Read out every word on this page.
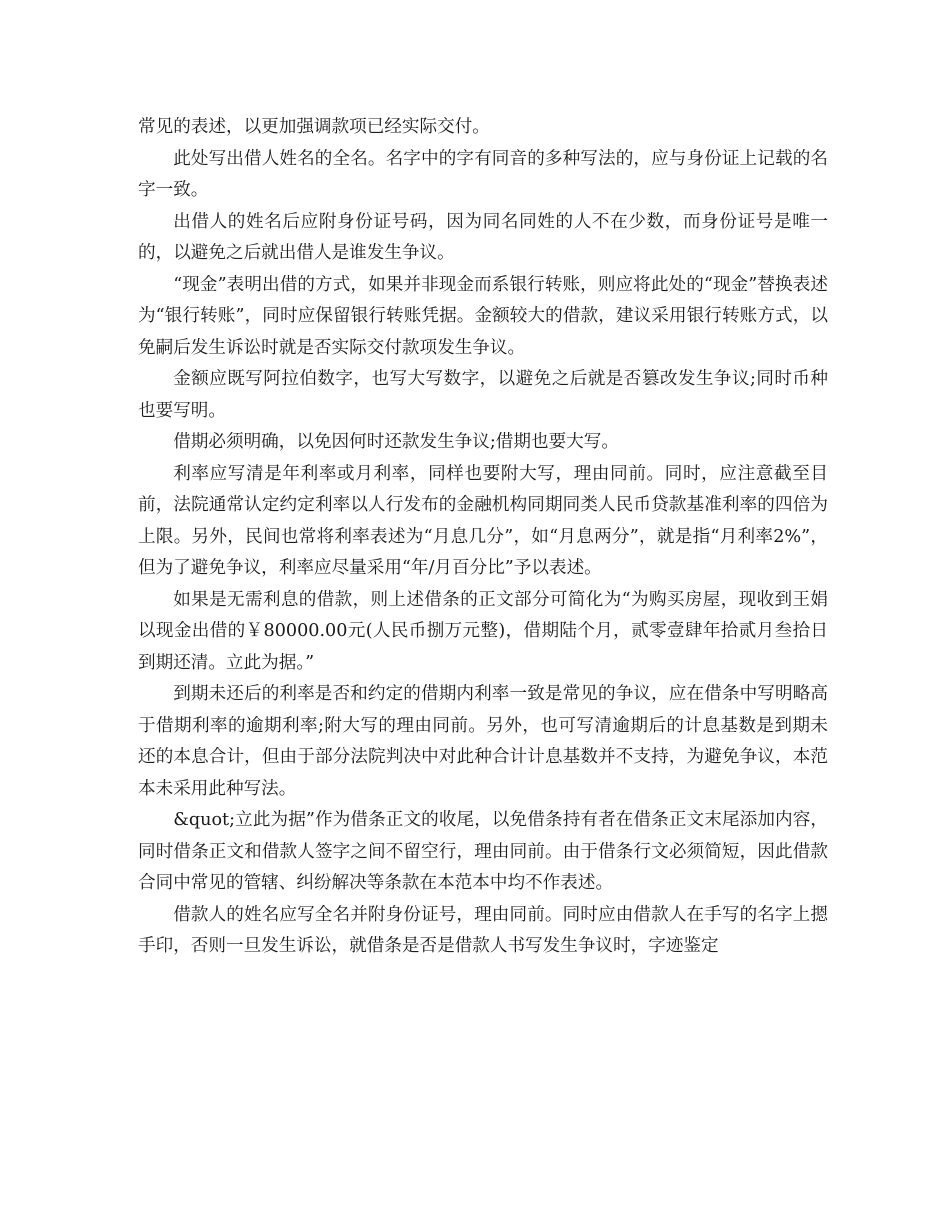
常见的表述，以更加强调款项已经实际交付。

此处写出借人姓名的全名。名字中的字有同音的多种写法的，应与身份证上记载的名字一致。

出借人的姓名后应附身份证号码，因为同名同姓的人不在少数，而身份证号是唯一的，以避免之后就出借人是谁发生争议。

“现金”表明出借的方式，如果并非现金而系银行转账，则应将此处的“现金”替换表述为“银行转账”，同时应保留银行转账凭据。金额较大的借款，建议采用银行转账方式，以免嗣后发生诉讼时就是否实际交付款项发生争议。

金额应既写阿拉伯数字，也写大写数字，以避免之后就是否篡改发生争议;同时币种也要写明。

借期必须明确，以免因何时还款发生争议;借期也要大写。

利率应写清是年利率或月利率，同样也要附大写，理由同前。同时，应注意截至目前，法院通常认定约定利率以人行发布的金融机构同期同类人民币贷款基准利率的四倍为上限。另外，民间也常将利率表述为“月息几分”，如“月息两分”，就是指“月利率2%”，但为了避免争议，利率应尽量采用“年/月百分比”予以表述。

如果是无需利息的借款，则上述借条的正文部分可简化为“为购买房屋，现收到王娟以现金出借的￥80000.00元(人民币捌万元整)，借期陆个月，贰零壹肆年拾贰月叁拾日到期还清。立此为据。”

到期未还后的利率是否和约定的借期内利率一致是常见的争议，应在借条中写明略高于借期利率的逾期利率;附大写的理由同前。另外，也可写清逾期后的计息基数是到期未还的本息合计，但由于部分法院判决中对此种合计计息基数并不支持，为避免争议，本范本未采用此种写法。

&quot;立此为据”作为借条正文的收尾，以免借条持有者在借条正文末尾添加内容，同时借条正文和借款人签字之间不留空行，理由同前。由于借条行文必须简短，因此借款合同中常见的管辖、纠纷解决等条款在本范本中均不作表述。

借款人的姓名应写全名并附身份证号，理由同前。同时应由借款人在手写的名字上摁手印，否则一旦发生诉讼，就借条是否是借款人书写发生争议时，字迹鉴定
